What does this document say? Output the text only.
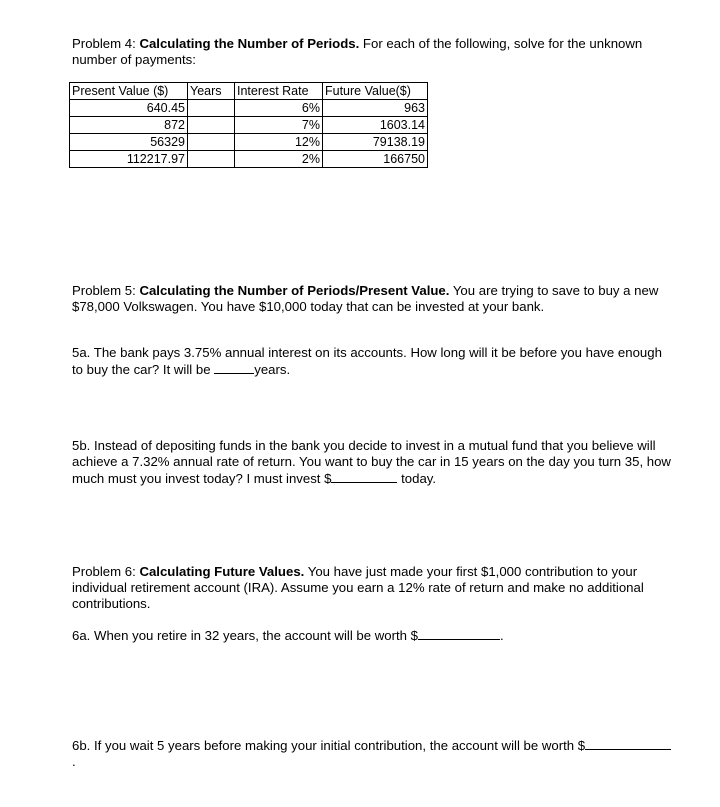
Problem 4: Calculating the Number of Periods. For each of the following, solve for the unknown number of payments:

Present Value ($)	Years	Interest Rate	Future Value($)
640.45		6%	963
872		7%	1603.14
56329		12%	79138.19
112217.97		2%	166750

Problem 5: Calculating the Number of Periods/Present Value. You are trying to save to buy a new $78,000 Volkswagen. You have $10,000 today that can be invested at your bank.

5a. The bank pays 3.75% annual interest on its accounts. How long will it be before you have enough to buy the car? It will be	years.

5b. Instead of depositing funds in the bank you decide to invest in a mutual fund that you believe will achieve a 7.32% annual rate of return. You want to buy the car in 15 years on the day you turn 35, how much must you invest today? I must invest $	today.

Problem 6: Calculating Future Values. You have just made your first $1,000 contribution to your individual retirement account (IRA). Assume you earn a 12% rate of return and make no additional contributions.

6a. When you retire in 32 years, the account will be worth $	.

6b. If you wait 5 years before making your initial contribution, the account will be worth $.
